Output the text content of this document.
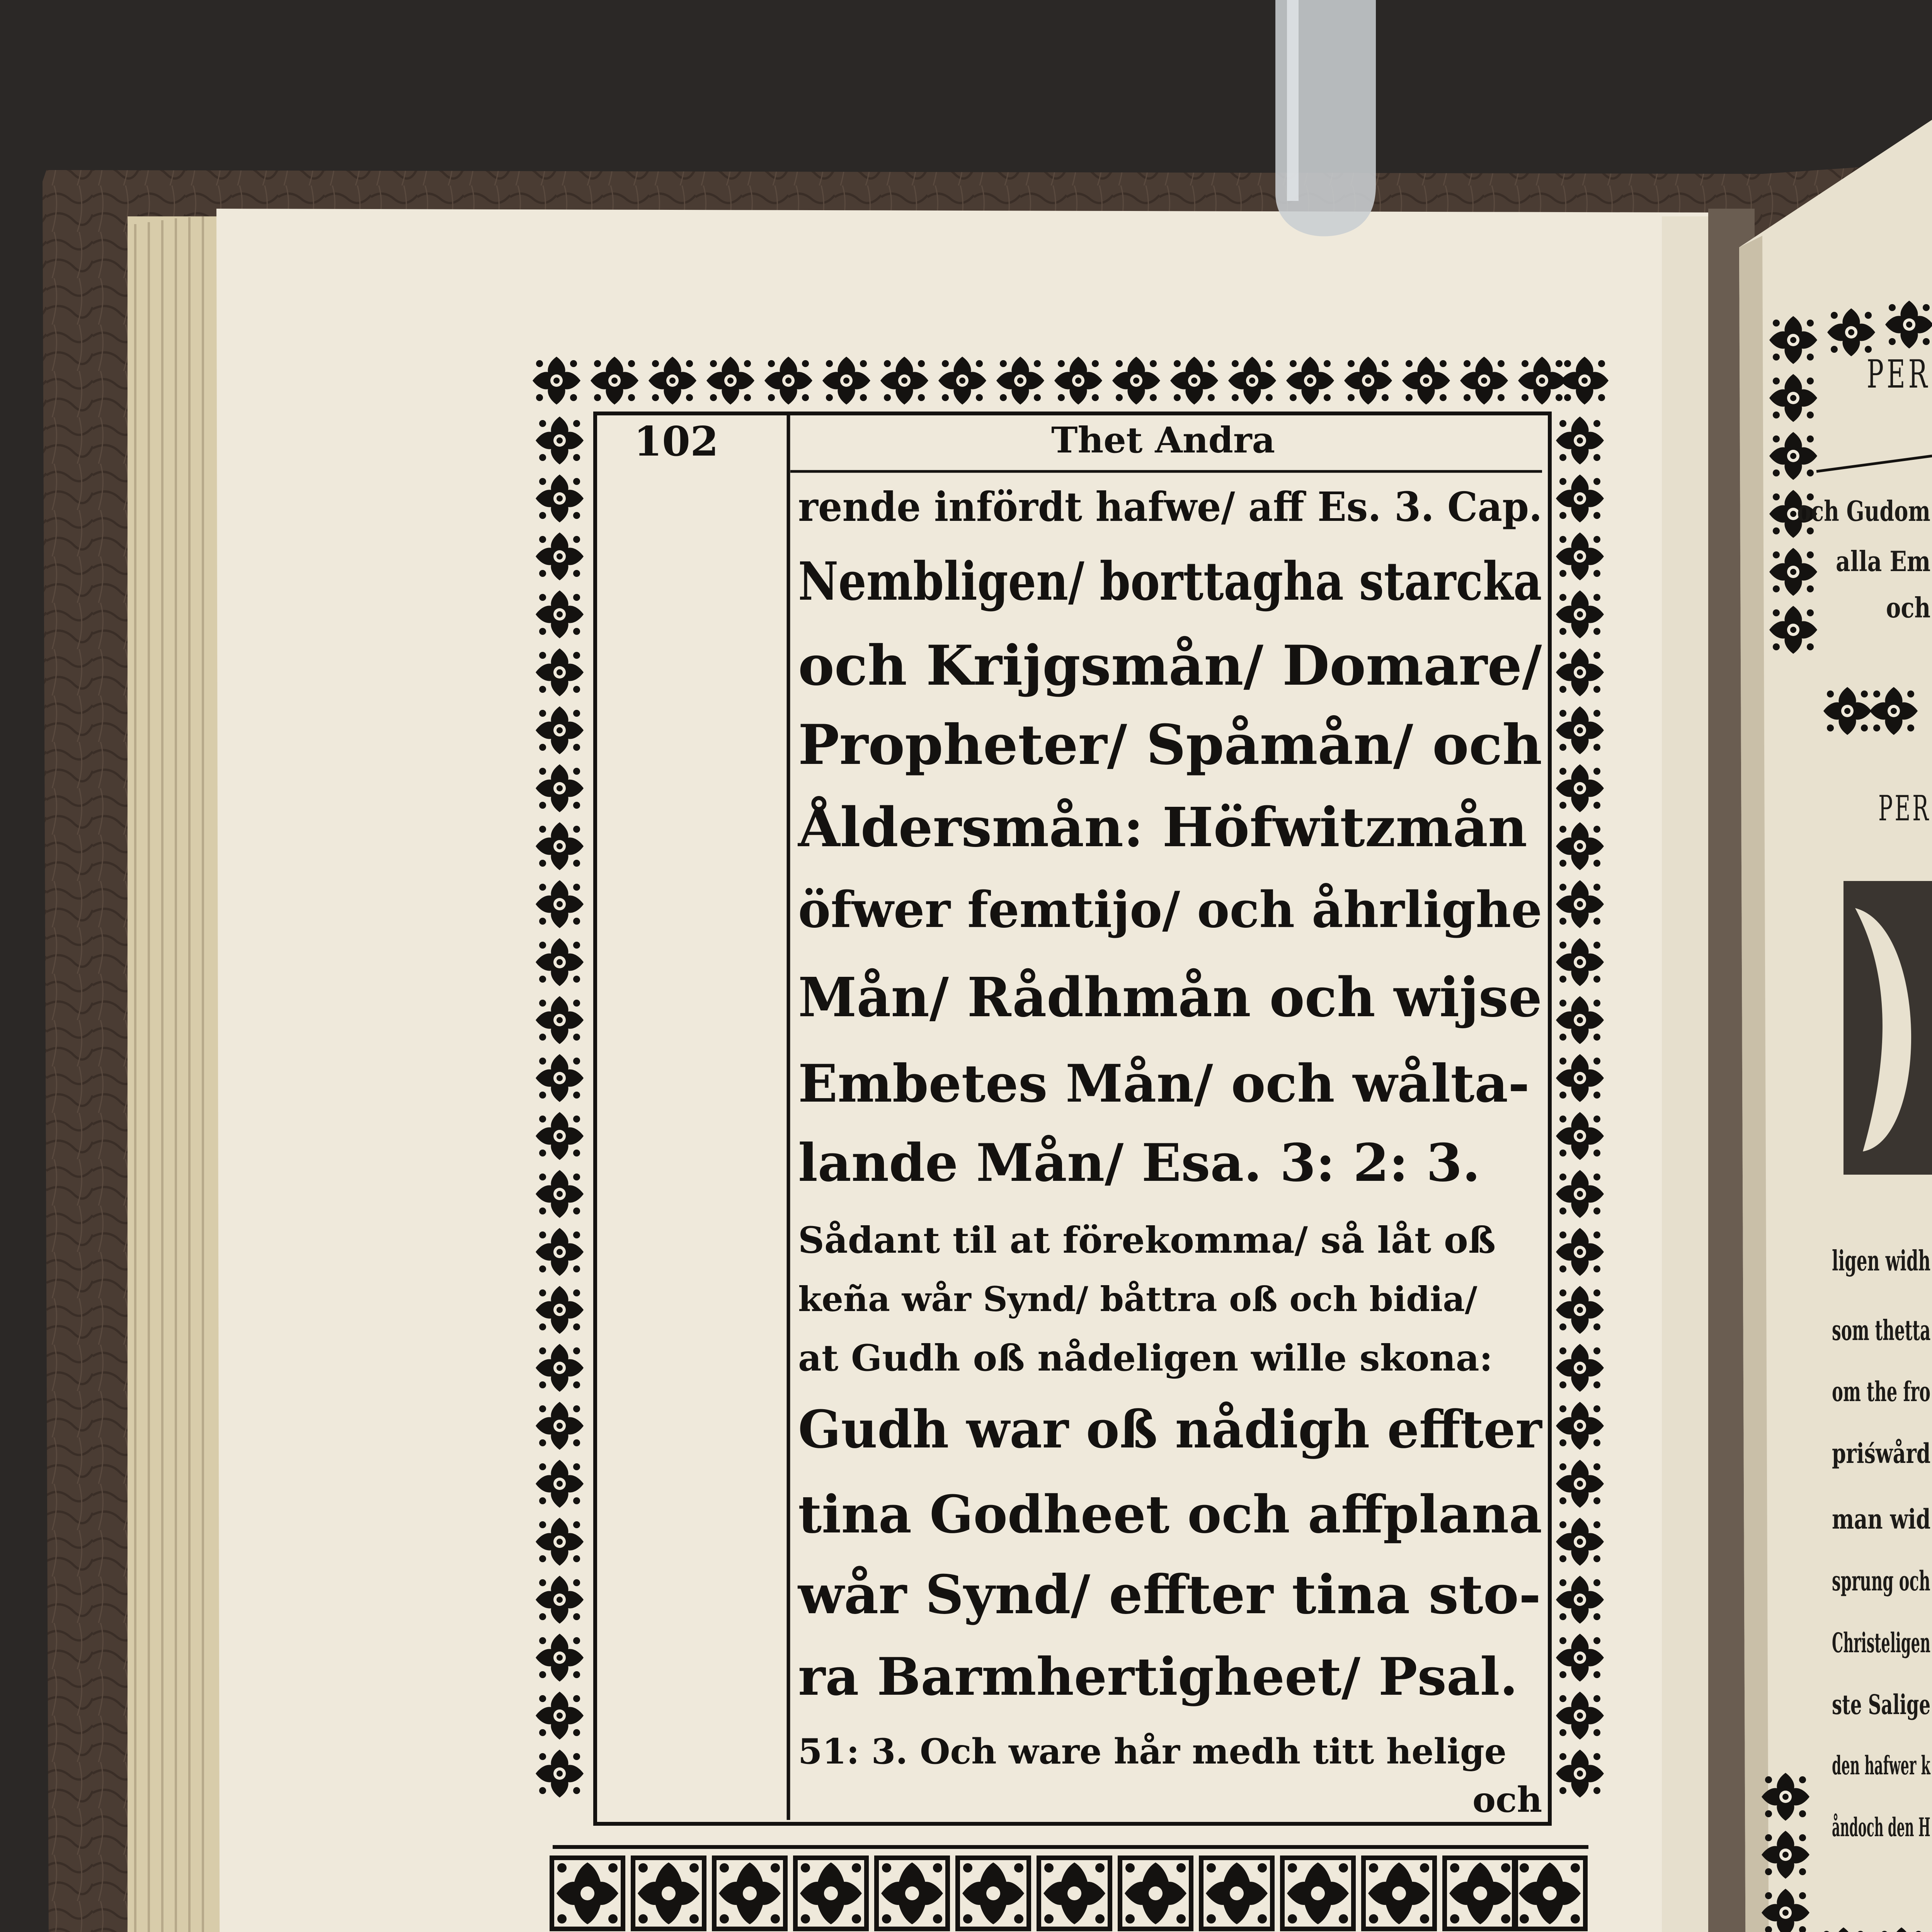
102	Thet Andra
rende infördt hafwe/ aff Es. 3. Cap.
Nembligen/ borttagha starcka
och Krijgsmån/ Domare/
Propheter/ Spåmån/ och
Åldersmån: Höfwitzmån
öfwer femtijo/ och åhrlighe
Mån/ Rådhmån och wijse
Embetes Mån/ och wålta-
lande Mån/ Esa. 3: 2: 3.
Sådant til at förekomma/ så låt oß
keña wår Synd/ båttra oß och bidia/
at Gudh oß nådeligen wille skona:
Gudh war oß nådigh effter
tina Godheet och affplana
wår Synd/ effter tina sto-
ra Barmhertigheet/ Psal.
51: 3. Och ware hår medh titt helige
och
PER
och Gudom
alla Em
och
PER
ligen widh
som thetta
om the fro
priśwård
man wid
sprung och
Christeligen
ste Salige
den hafwer k
åndoch den H
